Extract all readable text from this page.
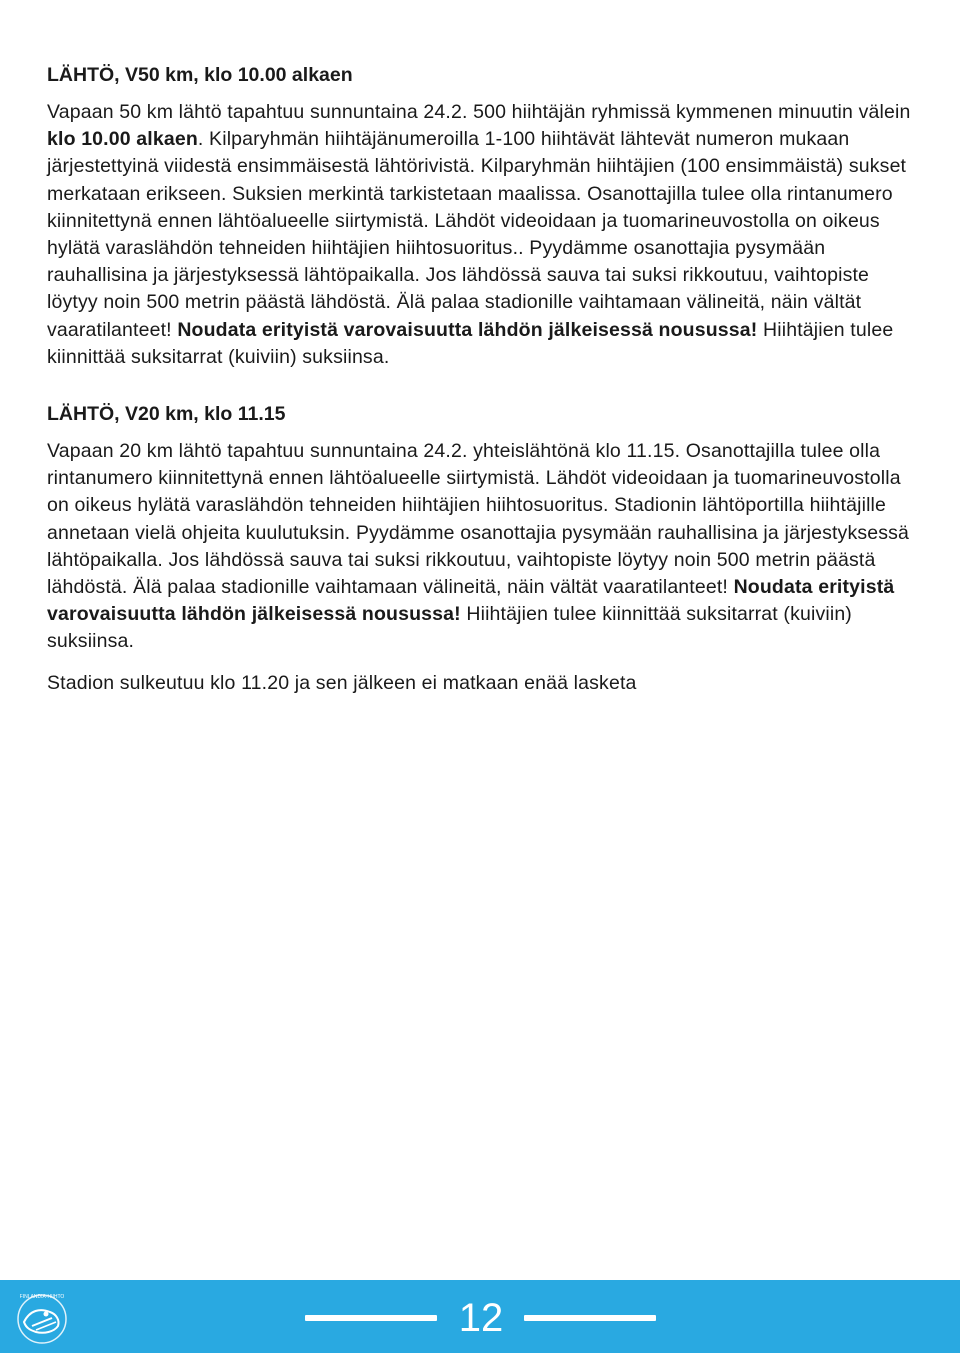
LÄHTÖ, V50 km, klo 10.00 alkaen

Vapaan 50 km lähtö tapahtuu sunnuntaina 24.2. 500 hiihtäjän ryhmissä kymmenen minuutin välein klo 10.00 alkaen. Kilparyhmän hiihtäjänumeroilla 1-100 hiihtävät lähtevät numeron mukaan järjestettyinä viidestä ensimmäisestä lähtörivistä. Kilparyhmän hiihtäjien (100 ensimmäistä) sukset merkataan erikseen. Suksien merkintä tarkistetaan maalissa. Osanottajilla tulee olla rintanumero kiinnitettynä ennen lähtöalueelle siirtymistä. Lähdöt videoidaan ja tuomarineuvostolla on oikeus hylätä varaslähdön tehneiden hiihtäjien hiihtosuoritus.. Pyydämme osanottajia pysymään rauhallisina ja järjestyksessä lähtöpaikalla. Jos lähdössä sauva tai suksi rikkoutuu, vaihtopiste löytyy noin 500 metrin päästä lähdöstä. Älä palaa stadionille vaihtamaan välineitä, näin vältät vaaratilanteet! Noudata erityistä varovaisuutta lähdön jälkeisessä nousussa! Hiihtäjien tulee kiinnittää suksitarrat (kuiviin) suksiinsa.

LÄHTÖ, V20 km, klo 11.15

Vapaan 20 km lähtö tapahtuu sunnuntaina 24.2. yhteislähtönä klo 11.15. Osanottajilla tulee olla rintanumero kiinnitettynä ennen lähtöalueelle siirtymistä. Lähdöt videoidaan ja tuomarineuvostolla on oikeus hylätä varaslähdön tehneiden hiihtäjien hiihtosuoritus. Stadionin lähtöportilla hiihtäjille annetaan vielä ohjeita kuulutuksin. Pyydämme osanottajia pysymään rauhallisina ja järjestyksessä lähtöpaikalla. Jos lähdössä sauva tai suksi rikkoutuu, vaihtopiste löytyy noin 500 metrin päästä lähdöstä. Älä palaa stadionille vaihtamaan välineitä, näin vältät vaaratilanteet! Noudata erityistä varovaisuutta lähdön jälkeisessä nousussa! Hiihtäjien tulee kiinnittää suksitarrat (kuiviin) suksiinsa.

Stadion sulkeutuu klo 11.20 ja sen jälkeen ei matkaan enää lasketa

FINLANDIA-HIIHTO	12
